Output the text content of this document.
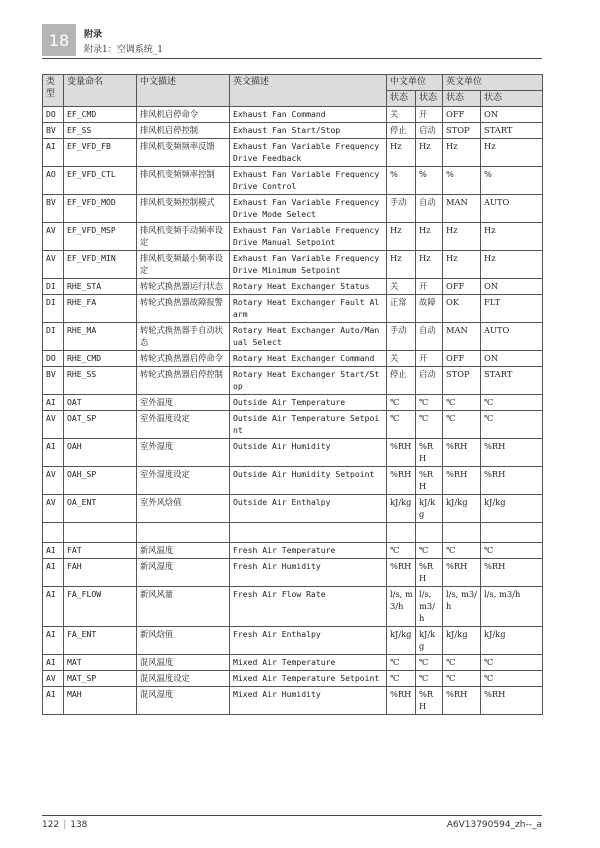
18	附录
附录1：空调系统_1
类型	变量命名	中文描述	英文描述	中文单位		英文单位	
				状态	状态	状态	状态
DO	EF_CMD	排风机启停命令	Exhaust Fan Command	关	开	OFF	ON
BV	EF_SS	排风机启停控制	Exhaust Fan Start/Stop	停止	启动	STOP	START
AI	EF_VFD_FB	排风机变频频率反馈	Exhaust Fan Variable Frequency Drive Feedback	Hz	Hz	Hz	Hz
AO	EF_VFD_CTL	排风机变频频率控制	Exhaust Fan Variable Frequency Drive Control	%	%	%	%
BV	EF_VFD_MOD	排风机变频控制模式	Exhaust Fan Variable Frequency Drive Mode Select	手动	自动	MAN	AUTO
AV	EF_VFD_MSP	排风机变频手动频率设定	Exhaust Fan Variable Frequency Drive Manual Setpoint	Hz	Hz	Hz	Hz
AV	EF_VFD_MIN	排风机变频最小频率设定	Exhaust Fan Variable Frequency Drive Minimum Setpoint	Hz	Hz	Hz	Hz
DI	RHE_STA	转轮式换热器运行状态	Rotary Heat Exchanger Status	关	开	OFF	ON
DI	RHE_FA	转轮式换热器故障报警	Rotary Heat Exchanger Fault Alarm	正常	故障	OK	FLT
DI	RHE_MA	转轮式换热器手自动状态	Rotary Heat Exchanger Auto/Manual Select	手动	自动	MAN	AUTO
DO	RHE_CMD	转轮式换热器启停命令	Rotary Heat Exchanger Command	关	开	OFF	ON
BV	RHE_SS	转轮式换热器启停控制	Rotary Heat Exchanger Start/Stop	停止	启动	STOP	START
AI	OAT	室外温度	Outside Air Temperature	℃	℃	℃	℃
AV	OAT_SP	室外温度设定	Outside Air Temperature Setpoint	℃	℃	℃	℃
AI	OAH	室外湿度	Outside Air Humidity	%RH	%RH	%RH	%RH
AV	OAH_SP	室外湿度设定	Outside Air Humidity Setpoint	%RH	%RH	%RH	%RH
AV	OA_ENT	室外风焓值	Outside Air Enthalpy	kJ/kg	kJ/kg	kJ/kg	kJ/kg

AI	FAT	新风温度	Fresh Air Temperature	℃	℃	℃	℃
AI	FAH	新风湿度	Fresh Air Humidity	%RH	%RH	%RH	%RH
AI	FA_FLOW	新风风量	Fresh Air Flow Rate	l/s, m3/h	l/s, m3/h	l/s, m3/h	l/s, m3/h
AI	FA_ENT	新风焓值	Fresh Air Enthalpy	kJ/kg	kJ/kg	kJ/kg	kJ/kg
AI	MAT	混风温度	Mixed Air Temperature	℃	℃	℃	℃
AV	MAT_SP	混风温度设定	Mixed Air Temperature Setpoint	℃	℃	℃	℃
AI	MAH	混风湿度	Mixed Air Humidity	%RH	%RH	%RH	%RH
122 | 138	A6V13790594_zh--_a
